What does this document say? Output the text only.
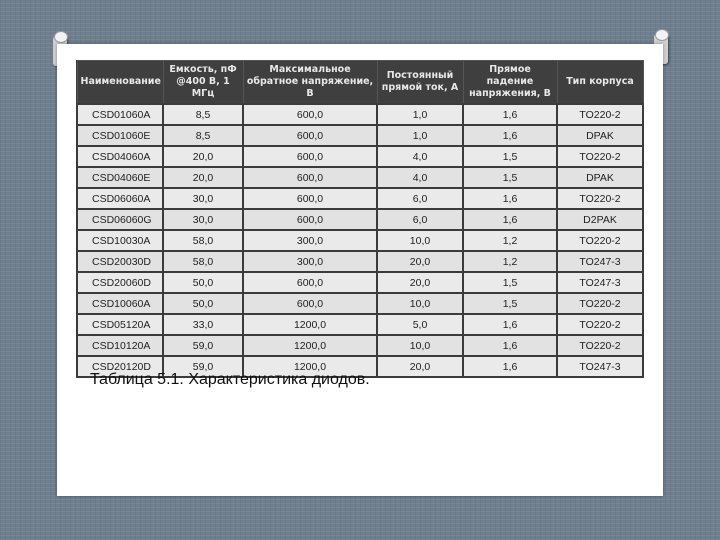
Наименование	Емкость, пФ @400 В, 1 МГц	Максимальное обратное напряжение, В	Постоянный прямой ток, А	Прямое падение напряжения, В	Тип корпуса
CSD01060A	8,5	600,0	1,0	1,6	TO220-2
CSD01060E	8,5	600,0	1,0	1,6	DPAK
CSD04060A	20,0	600,0	4,0	1,5	TO220-2
CSD04060E	20,0	600,0	4,0	1,5	DPAK
CSD06060A	30,0	600,0	6,0	1,6	TO220-2
CSD06060G	30,0	600,0	6,0	1,6	D2PAK
CSD10030A	58,0	300,0	10,0	1,2	TO220-2
CSD20030D	58,0	300,0	20,0	1,2	TO247-3
CSD20060D	50,0	600,0	20,0	1,5	TO247-3
CSD10060A	50,0	600,0	10,0	1,5	TO220-2
CSD05120A	33,0	1200,0	5,0	1,6	TO220-2
CSD10120A	59,0	1200,0	10,0	1,6	TO220-2
CSD20120D	59,0	1200,0	20,0	1,6	TO247-3
Таблица 5.1. Характеристика диодов.
